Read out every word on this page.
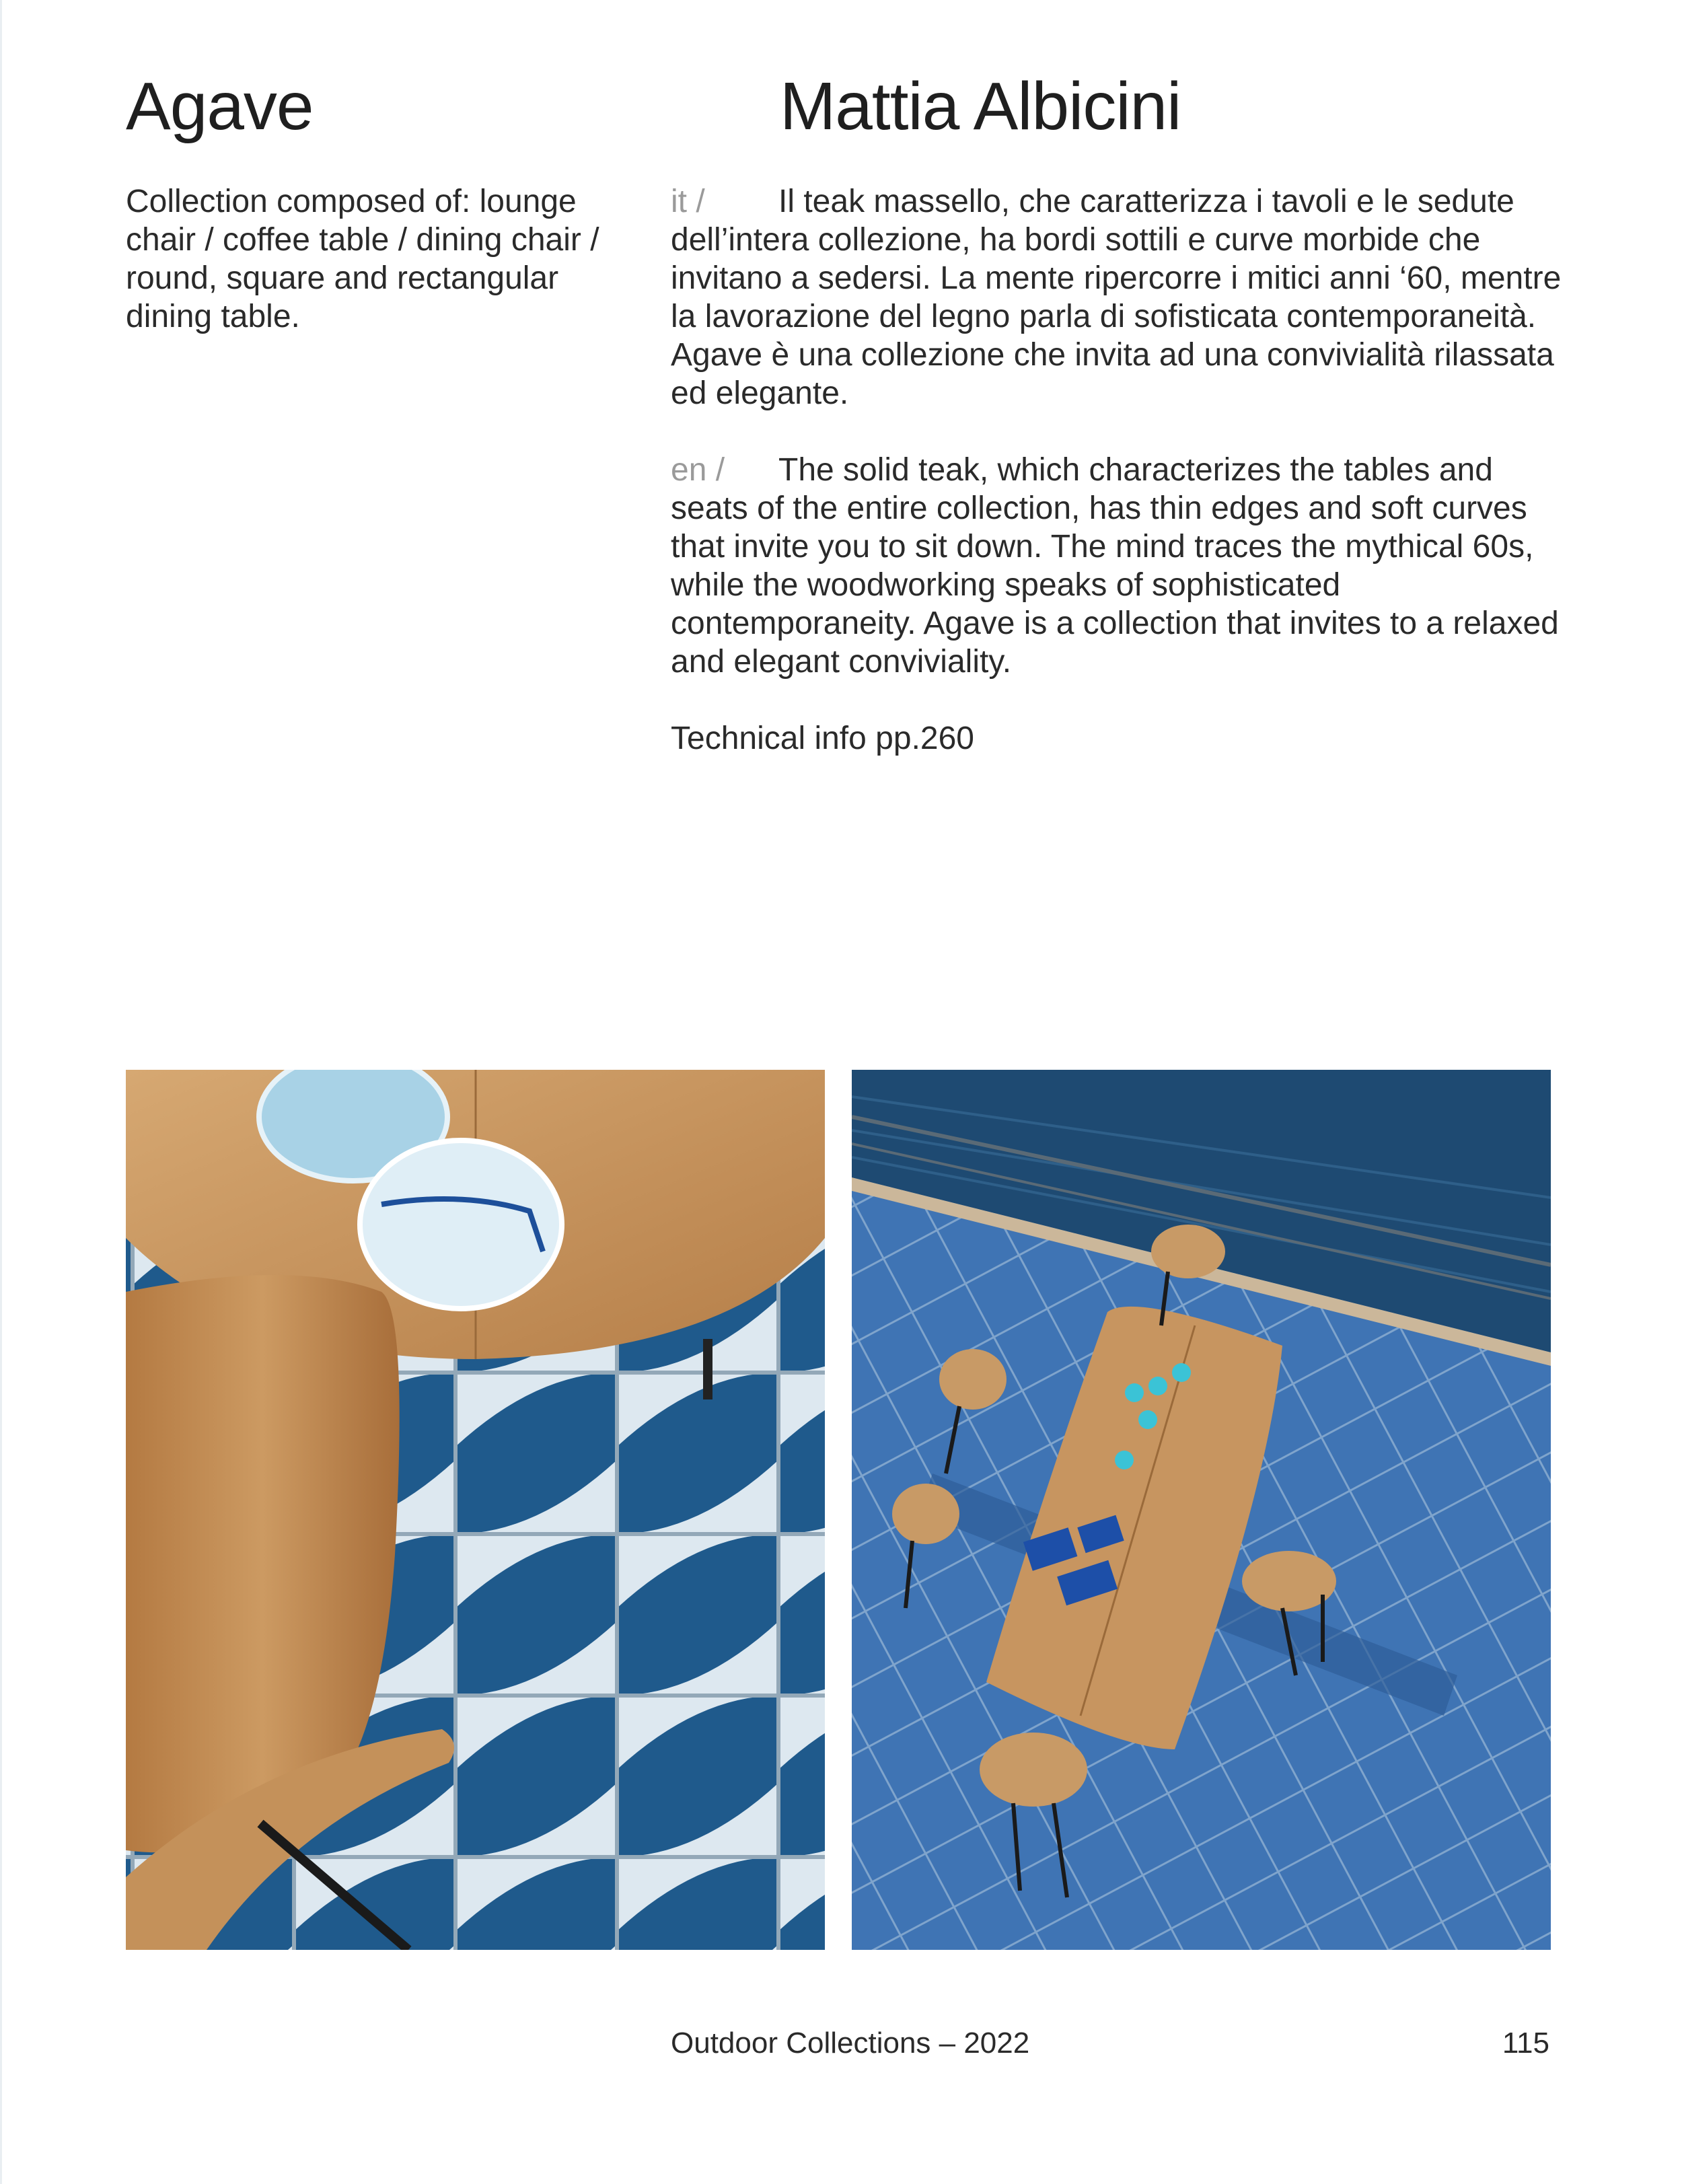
Agave	Mattia Albicini

Collection composed of: lounge chair / coffee table / dining chair / round, square and rectangular dining table.

it / Il teak massello, che caratterizza i tavoli e le sedute dell’intera collezione, ha bordi sottili e curve morbide che invitano a sedersi. La mente ripercorre i mitici anni ‘60, mentre la lavorazione del legno parla di sofisticata contemporaneità. Agave è una collezione che invita ad una convivialità rilassata ed elegante.

en / The solid teak, which characterizes the tables and seats of the entire collection, has thin edges and soft curves that invite you to sit down. The mind traces the mythical 60s, while the woodworking speaks of sophisticated contemporaneity. Agave is a collection that invites to a relaxed and elegant conviviality.

Technical info pp.260

Outdoor Collections – 2022	115
